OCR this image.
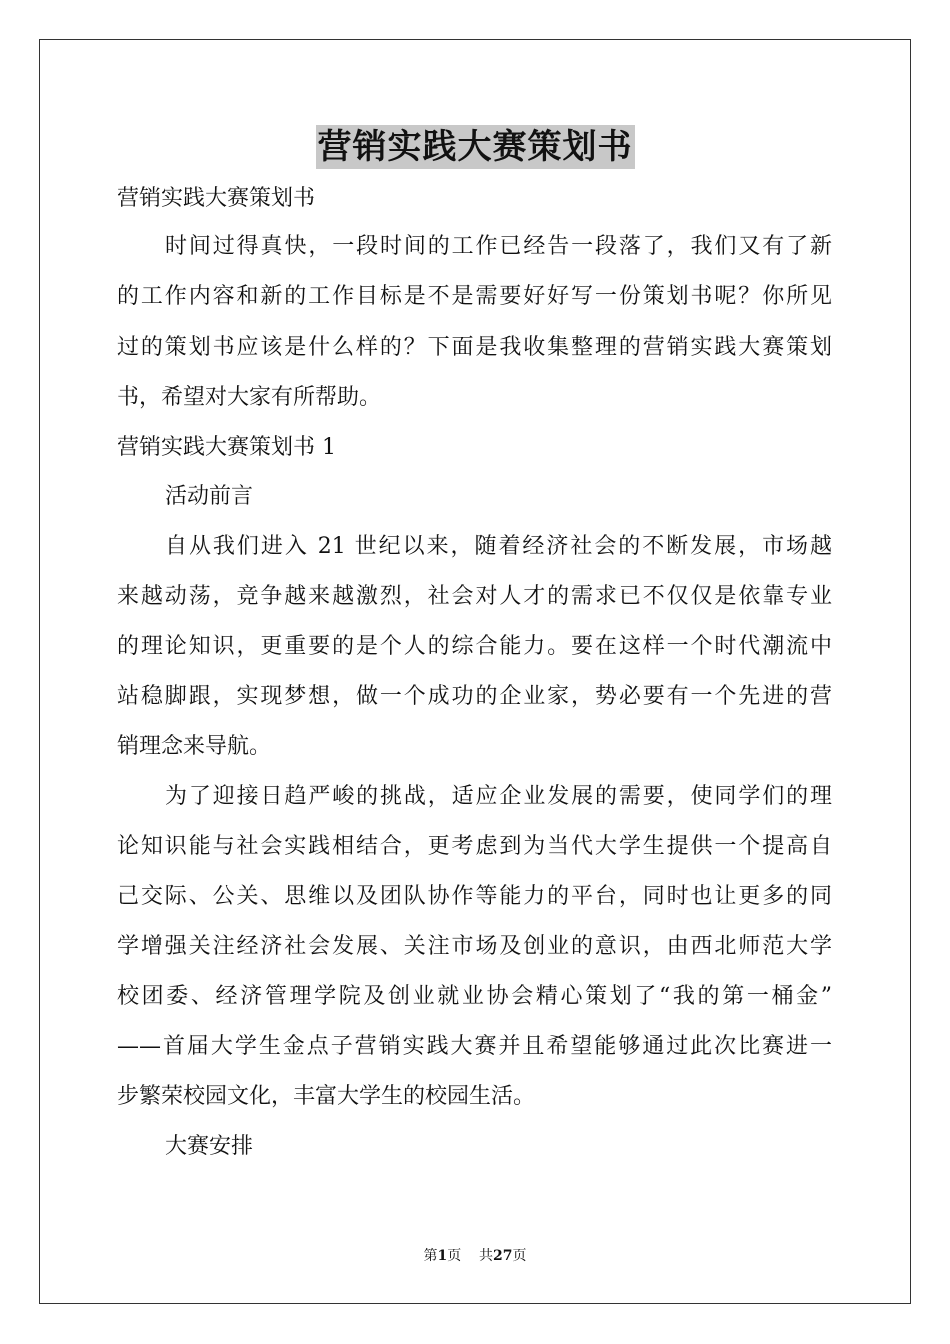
营销实践大赛策划书
营销实践大赛策划书
时间过得真快，一段时间的工作已经告一段落了，我们又有了新
的工作内容和新的工作目标是不是需要好好写一份策划书呢？你所见
过的策划书应该是什么样的？下面是我收集整理的营销实践大赛策划
书，希望对大家有所帮助。
营销实践大赛策划书 1
活动前言
自从我们进入 21 世纪以来，随着经济社会的不断发展，市场越
来越动荡，竞争越来越激烈，社会对人才的需求已不仅仅是依靠专业
的理论知识，更重要的是个人的综合能力。要在这样一个时代潮流中
站稳脚跟，实现梦想，做一个成功的企业家，势必要有一个先进的营
销理念来导航。
为了迎接日趋严峻的挑战，适应企业发展的需要，使同学们的理
论知识能与社会实践相结合，更考虑到为当代大学生提供一个提高自
己交际、公关、思维以及团队协作等能力的平台，同时也让更多的同
学增强关注经济社会发展、关注市场及创业的意识，由西北师范大学
校团委、经济管理学院及创业就业协会精心策划了“我的第一桶金”
——首届大学生金点子营销实践大赛并且希望能够通过此次比赛进一
步繁荣校园文化，丰富大学生的校园生活。
大赛安排
第1页 共27页
